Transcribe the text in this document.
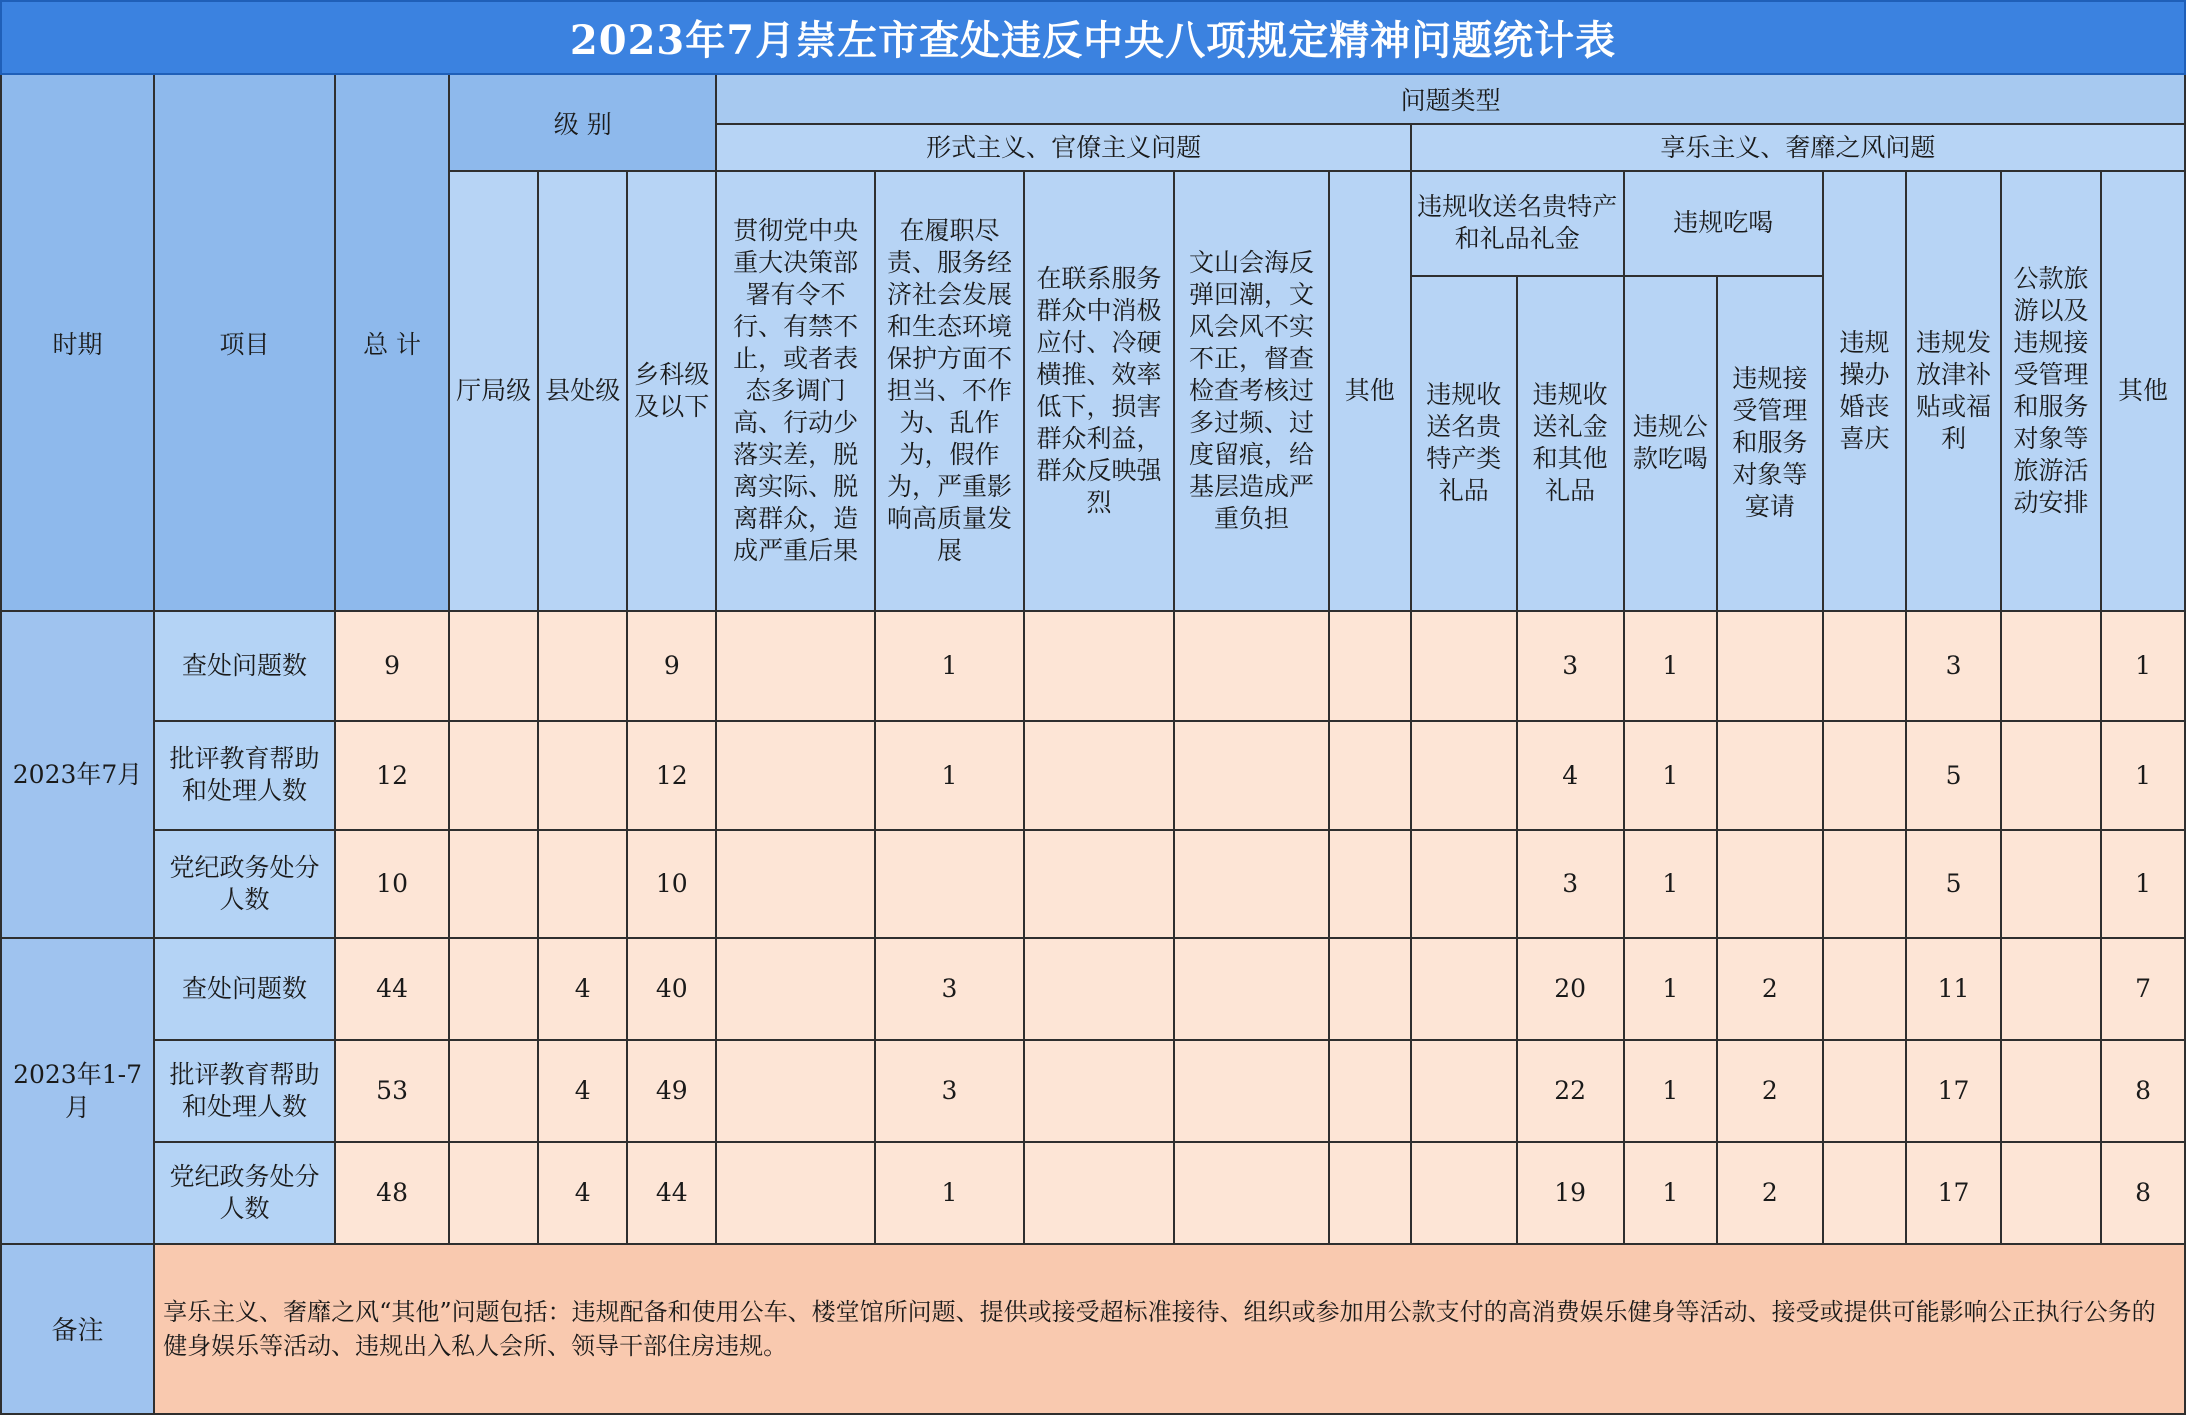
2023年7月崇左市查处违反中央八项规定精神问题统计表																		
时期	项目	总 计	级 别			问题类型												
						形式主义、官僚主义问题					享乐主义、奢靡之风问题							
			厅局级	县处级	乡科级及以下	贯彻党中央重大决策部署有令不行、有禁不止，或者表态多调门高、行动少落实差，脱离实际、脱离群众，造成严重后果	在履职尽责、服务经济社会发展和生态环境保护方面不担当、不作为、乱作为，假作为，严重影响高质量发展	在联系服务群众中消极应付、冷硬横推、效率低下，损害群众利益，群众反映强烈	文山会海反弹回潮，文风会风不实不正，督查检查考核过多过频、过度留痕，给基层造成严重负担	其他	违规收送名贵特产和礼品礼金		违规吃喝		违规操办婚丧喜庆	违规发放津补贴或福利	公款旅游以及违规接受管理和服务对象等旅游活动安排	其他
											违规收送名贵特产类礼品	违规收送礼金和其他礼品	违规公款吃喝	违规接受管理和服务对象等宴请				
2023年7月	查处问题数	9			9		1					3	1			3		1
	批评教育帮助和处理人数	12			12		1					4	1			5		1
	党纪政务处分人数	10			10							3	1			5		1
2023年1-7月	查处问题数	44		4	40		3					20	1	2		11		7
	批评教育帮助和处理人数	53		4	49		3					22	1	2		17		8
	党纪政务处分人数	48		4	44		1					19	1	2		17		8
备注	享乐主义、奢靡之风“其他”问题包括：违规配备和使用公车、楼堂馆所问题、提供或接受超标准接待、组织或参加用公款支付的高消费娱乐健身等活动、接受或提供可能影响公正执行公务的健身娱乐等活动、违规出入私人会所、领导干部住房违规。																	
